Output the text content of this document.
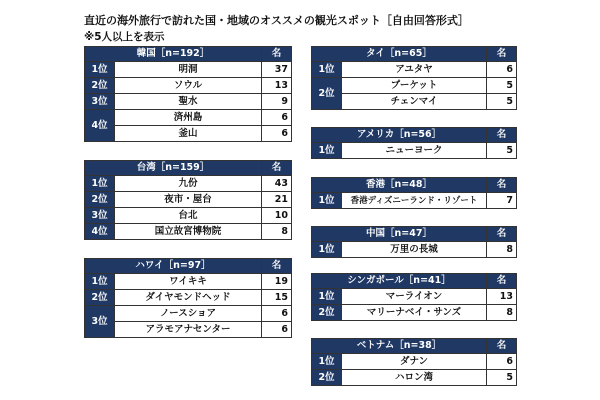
直近の海外旅行で訪れた国・地域のオススメの観光スポット［自由回答形式］
※5人以上を表示
韓国［n=192］		名
1位	明洞	37
2位	ソウル	13
3位	聖水	9
4位	済州島	6
	釜山	6
台湾［n=159］		名
1位	九份	43
2位	夜市・屋台	21
3位	台北	10
4位	国立故宮博物院	8
ハワイ［n=97］		名
1位	ワイキキ	19
2位	ダイヤモンドヘッド	15
3位	ノースショア	6
	アラモアナセンター	6
タイ［n=65］		名
1位	アユタヤ	6
2位	プーケット	5
	チェンマイ	5
アメリカ［n=56］		名
1位	ニューヨーク	5
香港［n=48］		名
1位	香港ディズニーランド・リゾート	7
中国［n=47］		名
1位	万里の長城	8
シンガポール［n=41］		名
1位	マーライオン	13
2位	マリーナベイ・サンズ	8
ベトナム［n=38］		名
1位	ダナン	6
2位	ハロン湾	5
